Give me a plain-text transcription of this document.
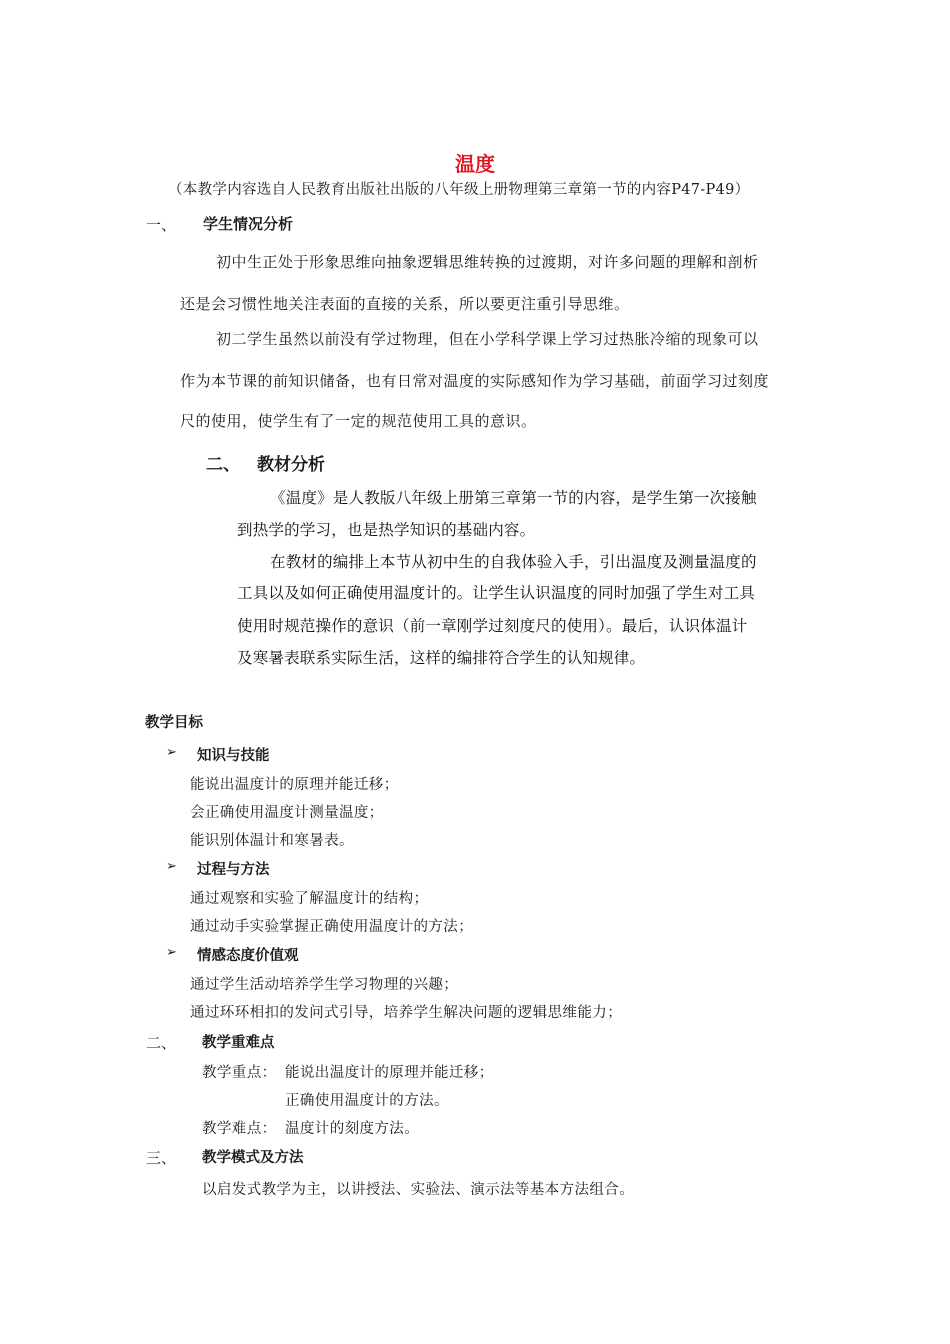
温度
（本教学内容选自人民教育出版社出版的八年级上册物理第三章第一节的内容P47-P49）
一、 学生情况分析
初中生正处于形象思维向抽象逻辑思维转换的过渡期，对许多问题的理解和剖析
还是会习惯性地关注表面的直接的关系，所以要更注重引导思维。
初二学生虽然以前没有学过物理，但在小学科学课上学习过热胀冷缩的现象可以
作为本节课的前知识储备，也有日常对温度的实际感知作为学习基础，前面学习过刻度
尺的使用，使学生有了一定的规范使用工具的意识。
二、 教材分析
《温度》是人教版八年级上册第三章第一节的内容，是学生第一次接触
到热学的学习，也是热学知识的基础内容。
在教材的编排上本节从初中生的自我体验入手，引出温度及测量温度的
工具以及如何正确使用温度计的。让学生认识温度的同时加强了学生对工具
使用时规范操作的意识（前一章刚学过刻度尺的使用）。最后，认识体温计
及寒暑表联系实际生活，这样的编排符合学生的认知规律。
教学目标
➢ 知识与技能
能说出温度计的原理并能迁移；
会正确使用温度计测量温度；
能识别体温计和寒暑表。
➢ 过程与方法
通过观察和实验了解温度计的结构；
通过动手实验掌握正确使用温度计的方法；
➢ 情感态度价值观
通过学生活动培养学生学习物理的兴趣；
通过环环相扣的发问式引导，培养学生解决问题的逻辑思维能力；
二、 教学重难点
教学重点： 能说出温度计的原理并能迁移；
正确使用温度计的方法。
教学难点： 温度计的刻度方法。
三、 教学模式及方法
以启发式教学为主，以讲授法、实验法、演示法等基本方法组合。
